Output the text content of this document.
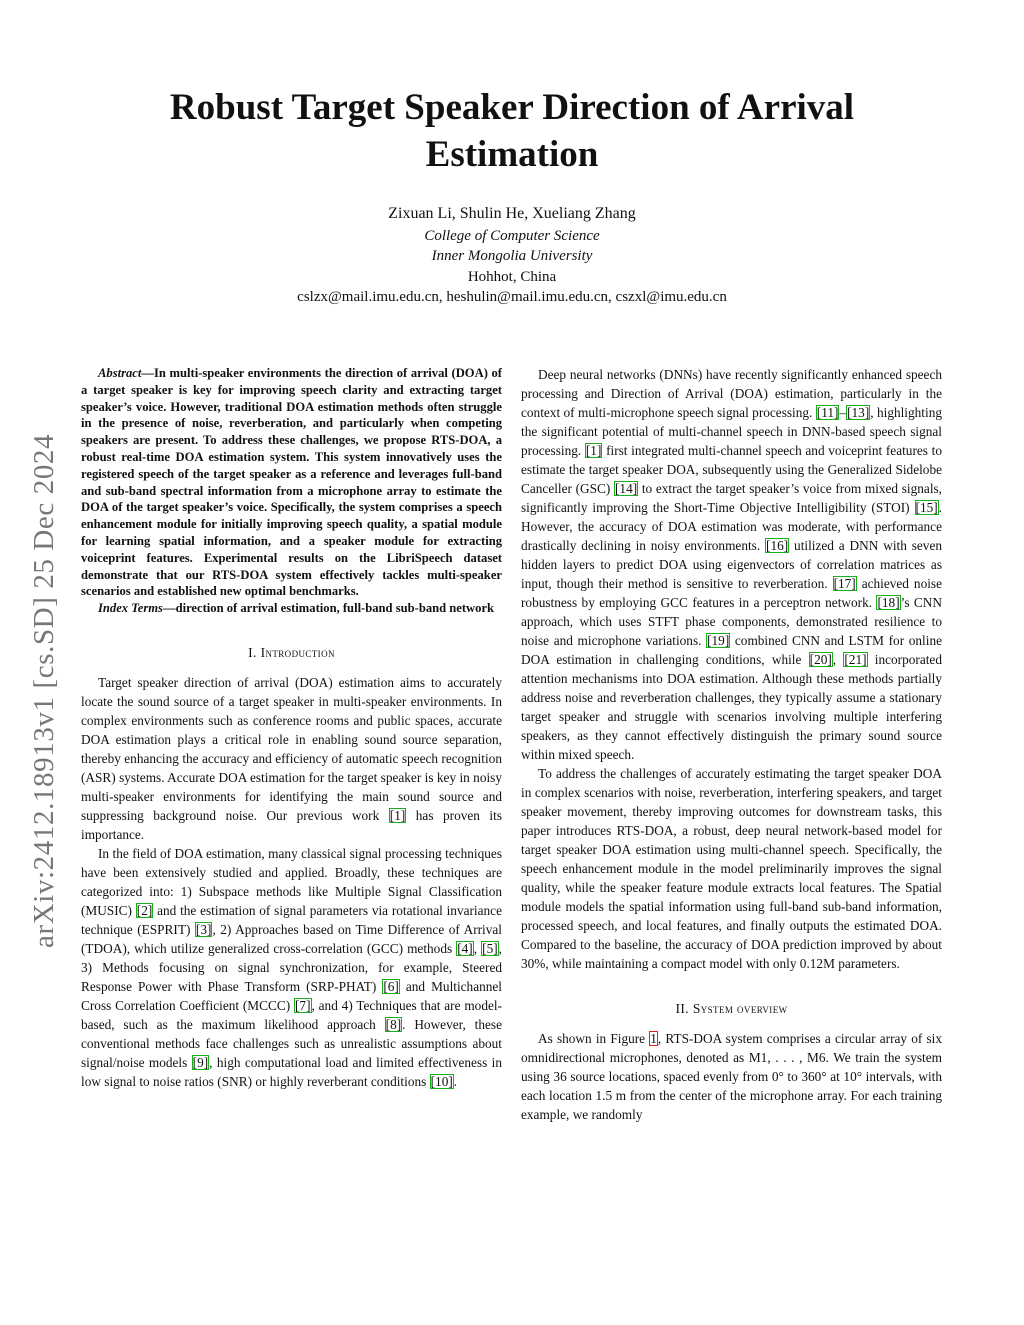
arXiv:2412.18913v1 [cs.SD] 25 Dec 2024
Robust Target Speaker Direction of Arrival Estimation
Zixuan Li, Shulin He, Xueliang Zhang
College of Computer Science
Inner Mongolia University
Hohhot, China
cslzx@mail.imu.edu.cn, heshulin@mail.imu.edu.cn, cszxl@imu.edu.cn

Abstract—In multi-speaker environments the direction of arrival (DOA) of a target speaker is key for improving speech clarity and extracting target speaker’s voice. However, traditional DOA estimation methods often struggle in the presence of noise, reverberation, and particularly when competing speakers are present. To address these challenges, we propose RTS-DOA, a robust real-time DOA estimation system. This system innovatively uses the registered speech of the target speaker as a reference and leverages full-band and sub-band spectral information from a microphone array to estimate the DOA of the target speaker’s voice. Specifically, the system comprises a speech enhancement module for initially improving speech quality, a spatial module for learning spatial information, and a speaker module for extracting voiceprint features. Experimental results on the LibriSpeech dataset demonstrate that our RTS-DOA system effectively tackles multi-speaker scenarios and established new optimal benchmarks.

Index Terms—direction of arrival estimation, full-band sub-band network

I. Introduction

Target speaker direction of arrival (DOA) estimation aims to accurately locate the sound source of a target speaker in multi-speaker environments. In complex environments such as conference rooms and public spaces, accurate DOA estimation plays a critical role in enabling sound source separation, thereby enhancing the accuracy and efficiency of automatic speech recognition (ASR) systems. Accurate DOA estimation for the target speaker is key in noisy multi-speaker environments for identifying the main sound source and suppressing background noise. Our previous work [1] has proven its importance.

In the field of DOA estimation, many classical signal processing techniques have been extensively studied and applied. Broadly, these techniques are categorized into: 1) Subspace methods like Multiple Signal Classification (MUSIC) [2] and the estimation of signal parameters via rotational invariance technique (ESPRIT) [3], 2) Approaches based on Time Difference of Arrival (TDOA), which utilize generalized cross-correlation (GCC) methods [4], [5], 3) Methods focusing on signal synchronization, for example, Steered Response Power with Phase Transform (SRP-PHAT) [6] and Multichannel Cross Correlation Coefficient (MCCC) [7], and 4) Techniques that are model-based, such as the maximum likelihood approach [8]. However, these conventional methods face challenges such as unrealistic assumptions about signal/noise models [9], high computational load and limited effectiveness in low signal to noise ratios (SNR) or highly reverberant conditions [10].

Deep neural networks (DNNs) have recently significantly enhanced speech processing and Direction of Arrival (DOA) estimation, particularly in the context of multi-microphone speech signal processing. [11]–[13], highlighting the significant potential of multi-channel speech in DNN-based speech signal processing. [1] first integrated multi-channel speech and voiceprint features to estimate the target speaker DOA, subsequently using the Generalized Sidelobe Canceller (GSC) [14] to extract the target speaker’s voice from mixed signals, significantly improving the Short-Time Objective Intelligibility (STOI) [15]. However, the accuracy of DOA estimation was moderate, with performance drastically declining in noisy environments. [16] utilized a DNN with seven hidden layers to predict DOA using eigenvectors of correlation matrices as input, though their method is sensitive to reverberation. [17] achieved noise robustness by employing GCC features in a perceptron network. [18]’s CNN approach, which uses STFT phase components, demonstrated resilience to noise and microphone variations. [19] combined CNN and LSTM for online DOA estimation in challenging conditions, while [20], [21] incorporated attention mechanisms into DOA estimation. Although these methods partially address noise and reverberation challenges, they typically assume a stationary target speaker and struggle with scenarios involving multiple interfering speakers, as they cannot effectively distinguish the primary sound source within mixed speech.

To address the challenges of accurately estimating the target speaker DOA in complex scenarios with noise, reverberation, interfering speakers, and target speaker movement, thereby improving outcomes for downstream tasks, this paper introduces RTS-DOA, a robust, deep neural network-based model for target speaker DOA estimation using multi-channel speech. Specifically, the speech enhancement module in the model preliminarily improves the signal quality, while the speaker feature module extracts local features. The Spatial module models the spatial information using full-band sub-band information, processed speech, and local features, and finally outputs the estimated DOA. Compared to the baseline, the accuracy of DOA prediction improved by about 30%, while maintaining a compact model with only 0.12M parameters.

II. System overview

As shown in Figure 1, RTS-DOA system comprises a circular array of six omnidirectional microphones, denoted as M1, . . . , M6. We train the system using 36 source locations, spaced evenly from 0° to 360° at 10° intervals, with each location 1.5 m from the center of the microphone array. For each training example, we randomly
